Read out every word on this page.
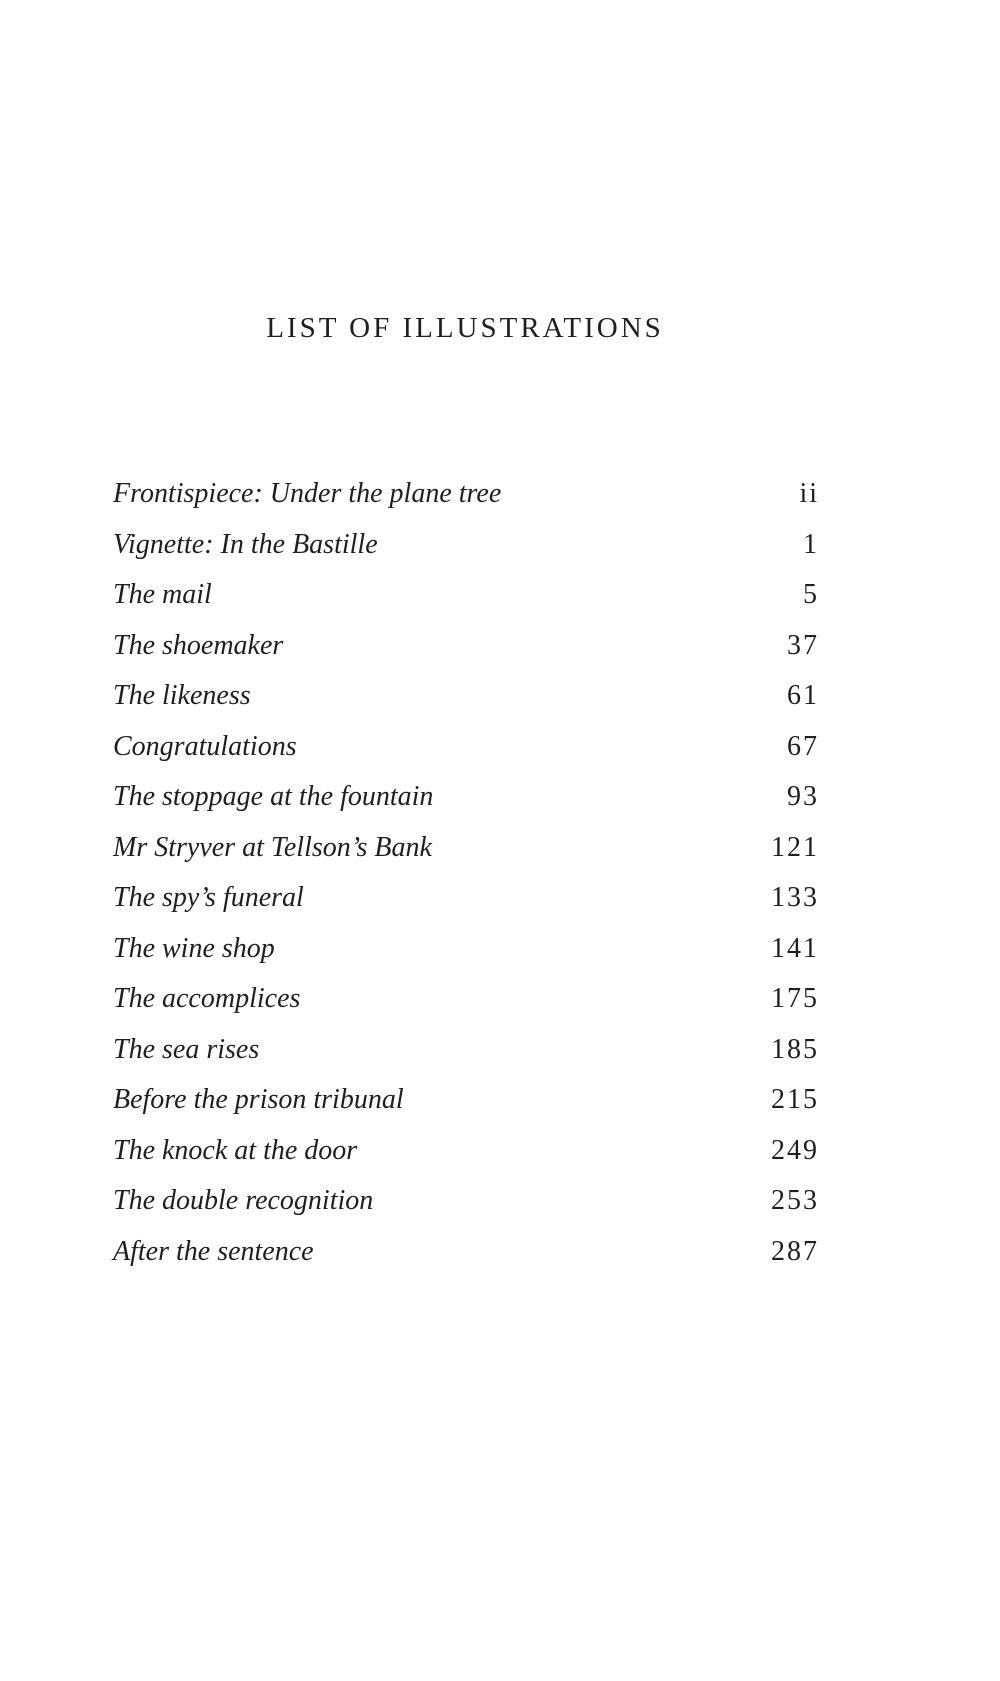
LIST OF ILLUSTRATIONS
Frontispiece: Under the plane tree	ii
Vignette: In the Bastille	1
The mail	5
The shoemaker	37
The likeness	61
Congratulations	67
The stoppage at the fountain	93
Mr Stryver at Tellson’s Bank	121
The spy’s funeral	133
The wine shop	141
The accomplices	175
The sea rises	185
Before the prison tribunal	215
The knock at the door	249
The double recognition	253
After the sentence	287
